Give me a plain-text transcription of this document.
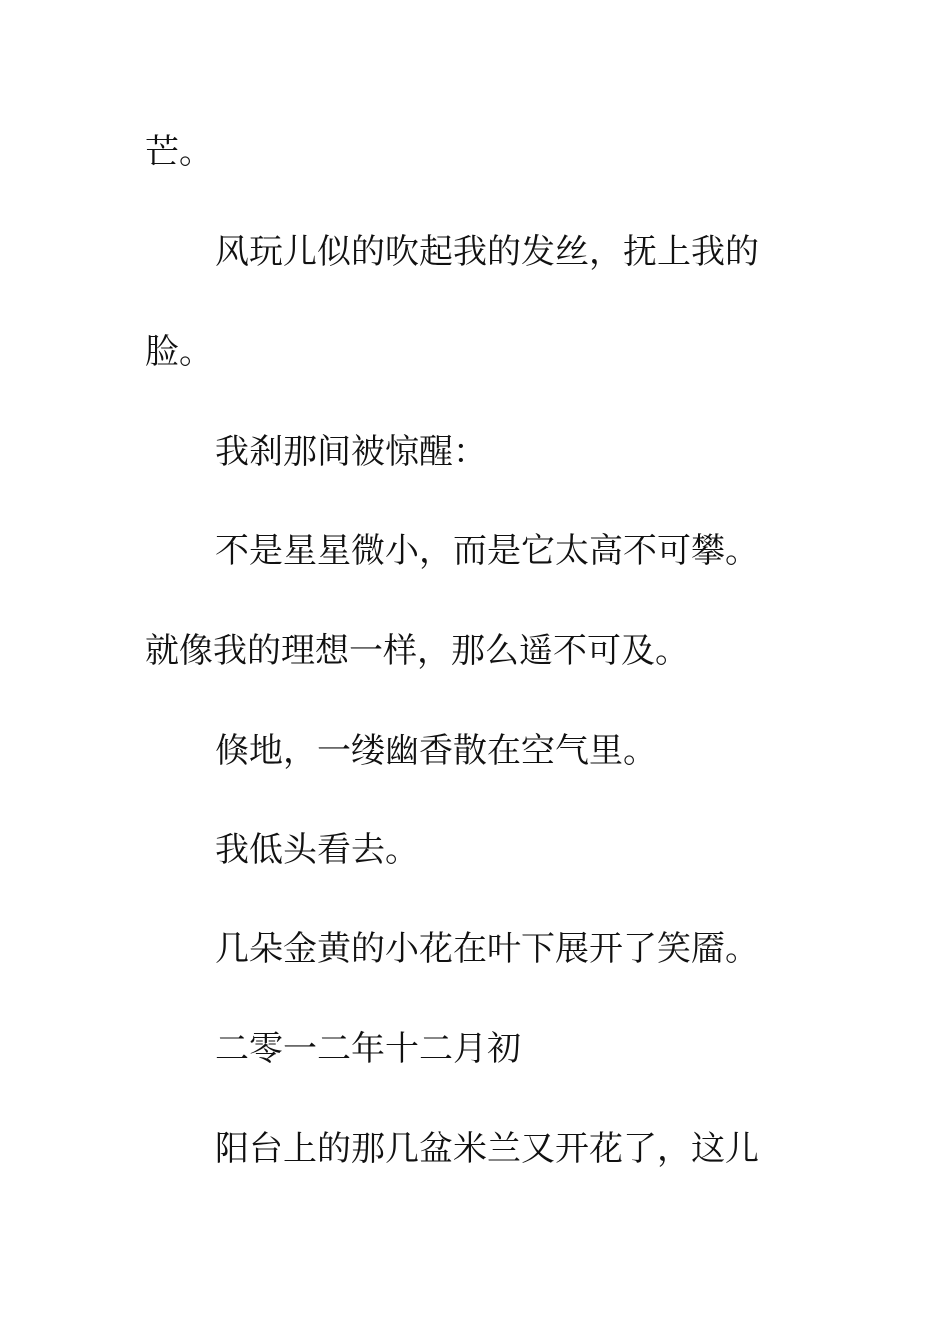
芒。
风玩儿似的吹起我的发丝，抚上我的
脸。
我刹那间被惊醒：
不是星星微小，而是它太高不可攀。
就像我的理想一样，那么遥不可及。
倏地，一缕幽香散在空气里。
我低头看去。
几朵金黄的小花在叶下展开了笑靥。
二零一二年十二月初
阳台上的那几盆米兰又开花了，这儿
